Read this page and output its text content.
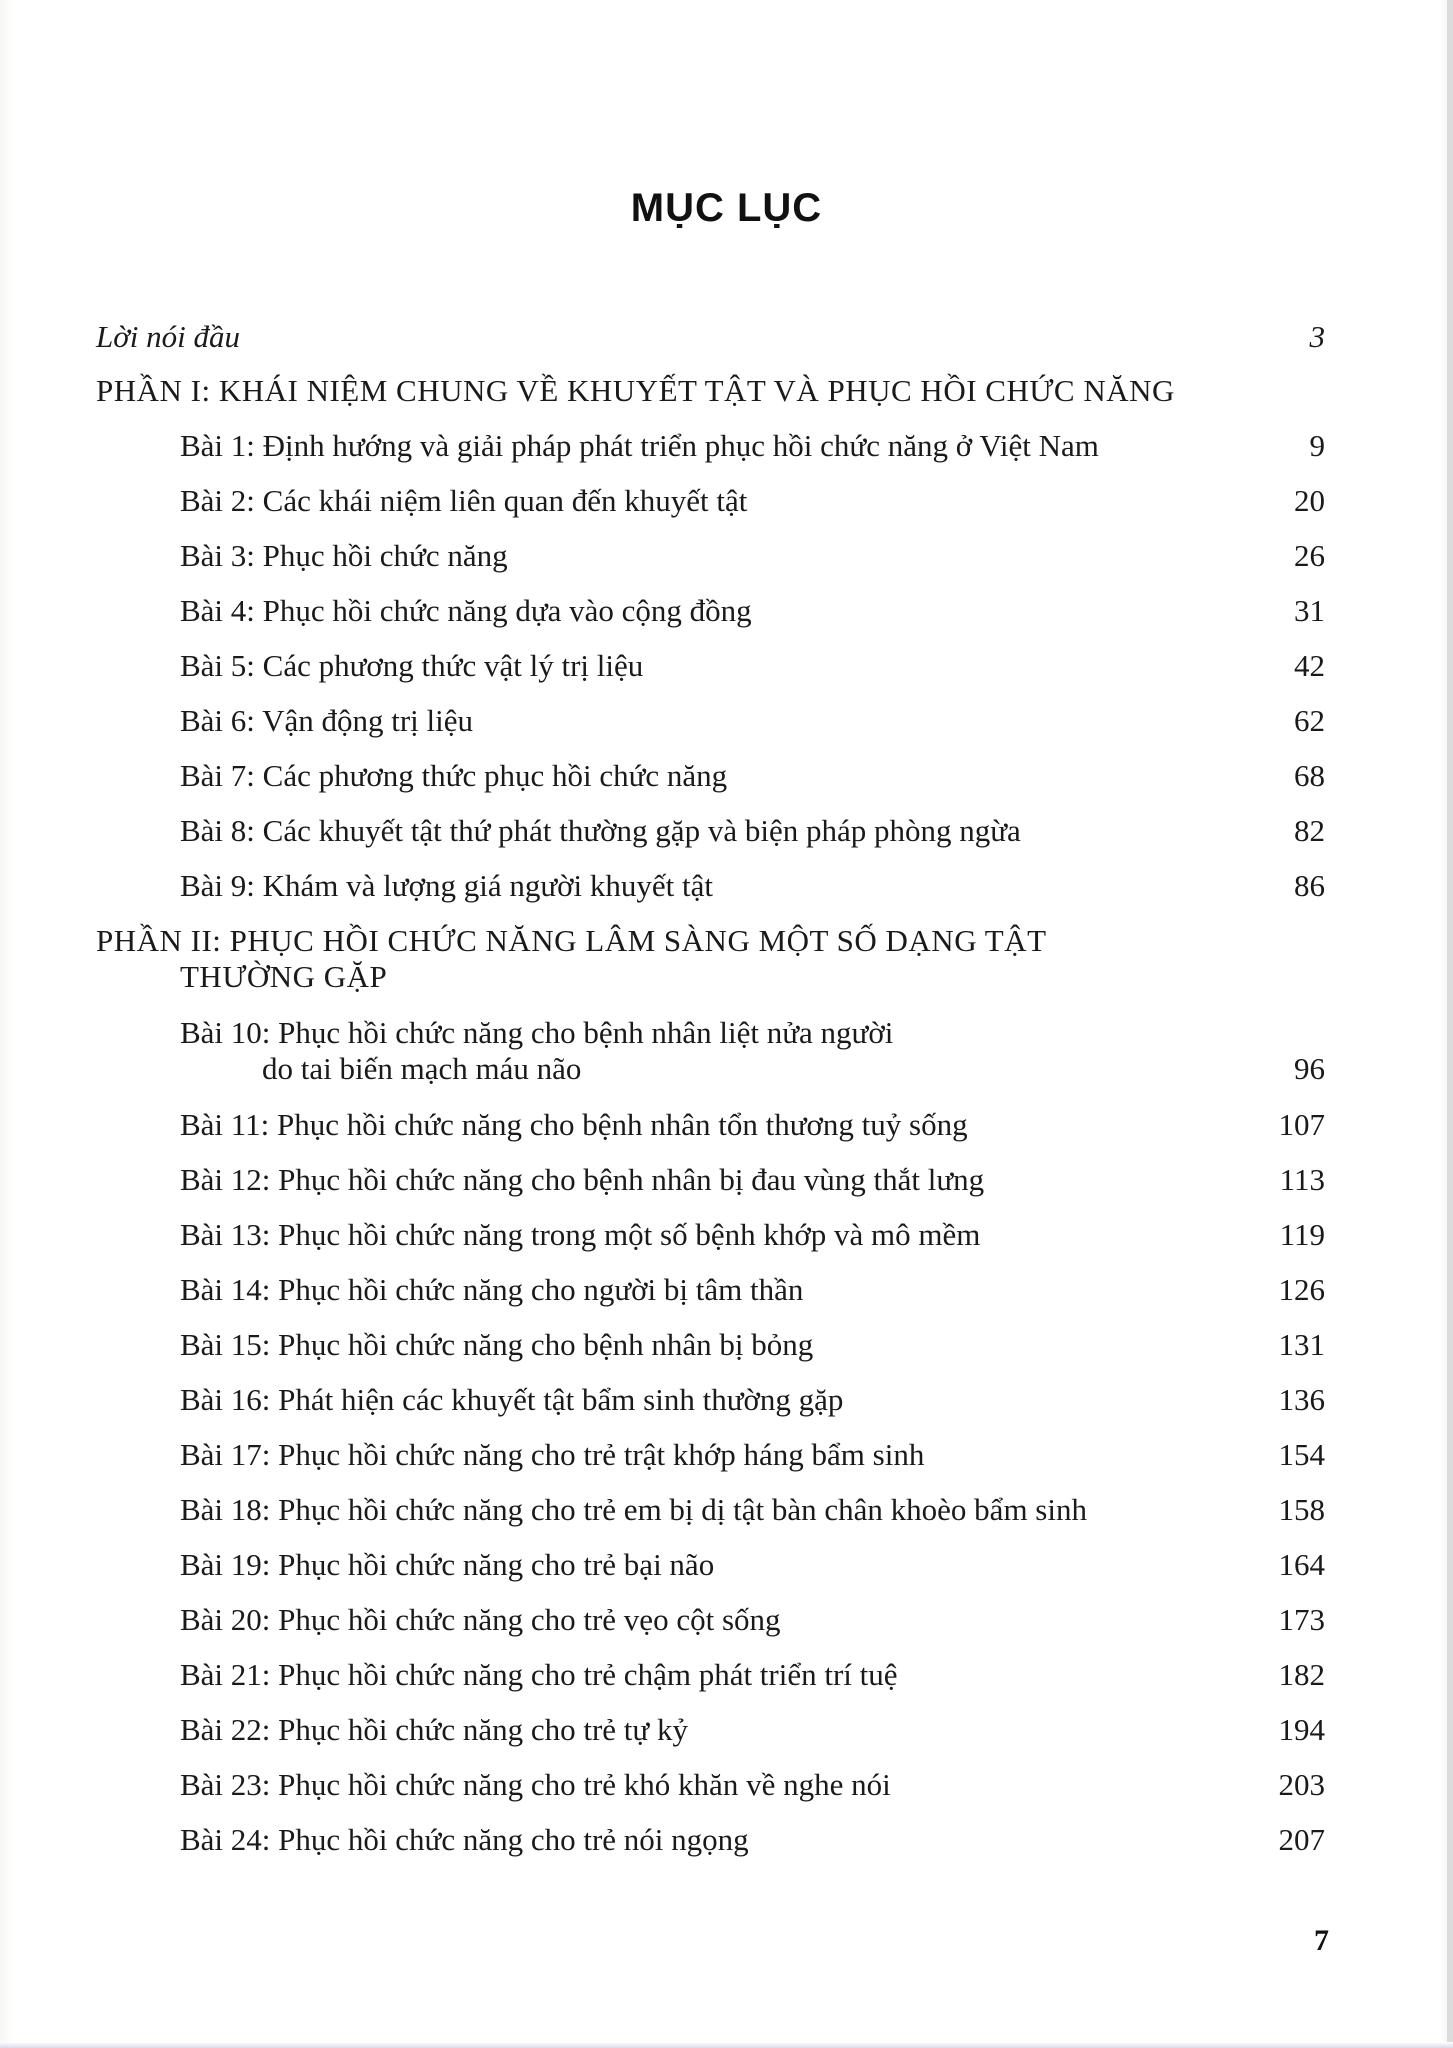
MỤC LỤC
Lời nói đầu	3
PHẦN I: KHÁI NIỆM CHUNG VỀ KHUYẾT TẬT VÀ PHỤC HỒI CHỨC NĂNG
Bài 1: Định hướng và giải pháp phát triển phục hồi chức năng ở Việt Nam	9
Bài 2: Các khái niệm liên quan đến khuyết tật	20
Bài 3: Phục hồi chức năng	26
Bài 4: Phục hồi chức năng dựa vào cộng đồng	31
Bài 5: Các phương thức vật lý trị liệu	42
Bài 6: Vận động trị liệu	62
Bài 7: Các phương thức phục hồi chức năng	68
Bài 8: Các khuyết tật thứ phát thường gặp và biện pháp phòng ngừa	82
Bài 9: Khám và lượng giá người khuyết tật	86
PHẦN II: PHỤC HỒI CHỨC NĂNG LÂM SÀNG MỘT SỐ DẠNG TẬT
THƯỜNG GẶP
Bài 10: Phục hồi chức năng cho bệnh nhân liệt nửa người
do tai biến mạch máu não	96
Bài 11: Phục hồi chức năng cho bệnh nhân tổn thương tuỷ sống	107
Bài 12: Phục hồi chức năng cho bệnh nhân bị đau vùng thắt lưng	113
Bài 13: Phục hồi chức năng trong một số bệnh khớp và mô mềm	119
Bài 14: Phục hồi chức năng cho người bị tâm thần	126
Bài 15: Phục hồi chức năng cho bệnh nhân bị bỏng	131
Bài 16: Phát hiện các khuyết tật bẩm sinh thường gặp	136
Bài 17: Phục hồi chức năng cho trẻ trật khớp háng bẩm sinh	154
Bài 18: Phục hồi chức năng cho trẻ em bị dị tật bàn chân khoèo bẩm sinh	158
Bài 19: Phục hồi chức năng cho trẻ bại não	164
Bài 20: Phục hồi chức năng cho trẻ vẹo cột sống	173
Bài 21: Phục hồi chức năng cho trẻ chậm phát triển trí tuệ	182
Bài 22: Phục hồi chức năng cho trẻ tự kỷ	194
Bài 23: Phục hồi chức năng cho trẻ khó khăn về nghe nói	203
Bài 24: Phục hồi chức năng cho trẻ nói ngọng	207
7
